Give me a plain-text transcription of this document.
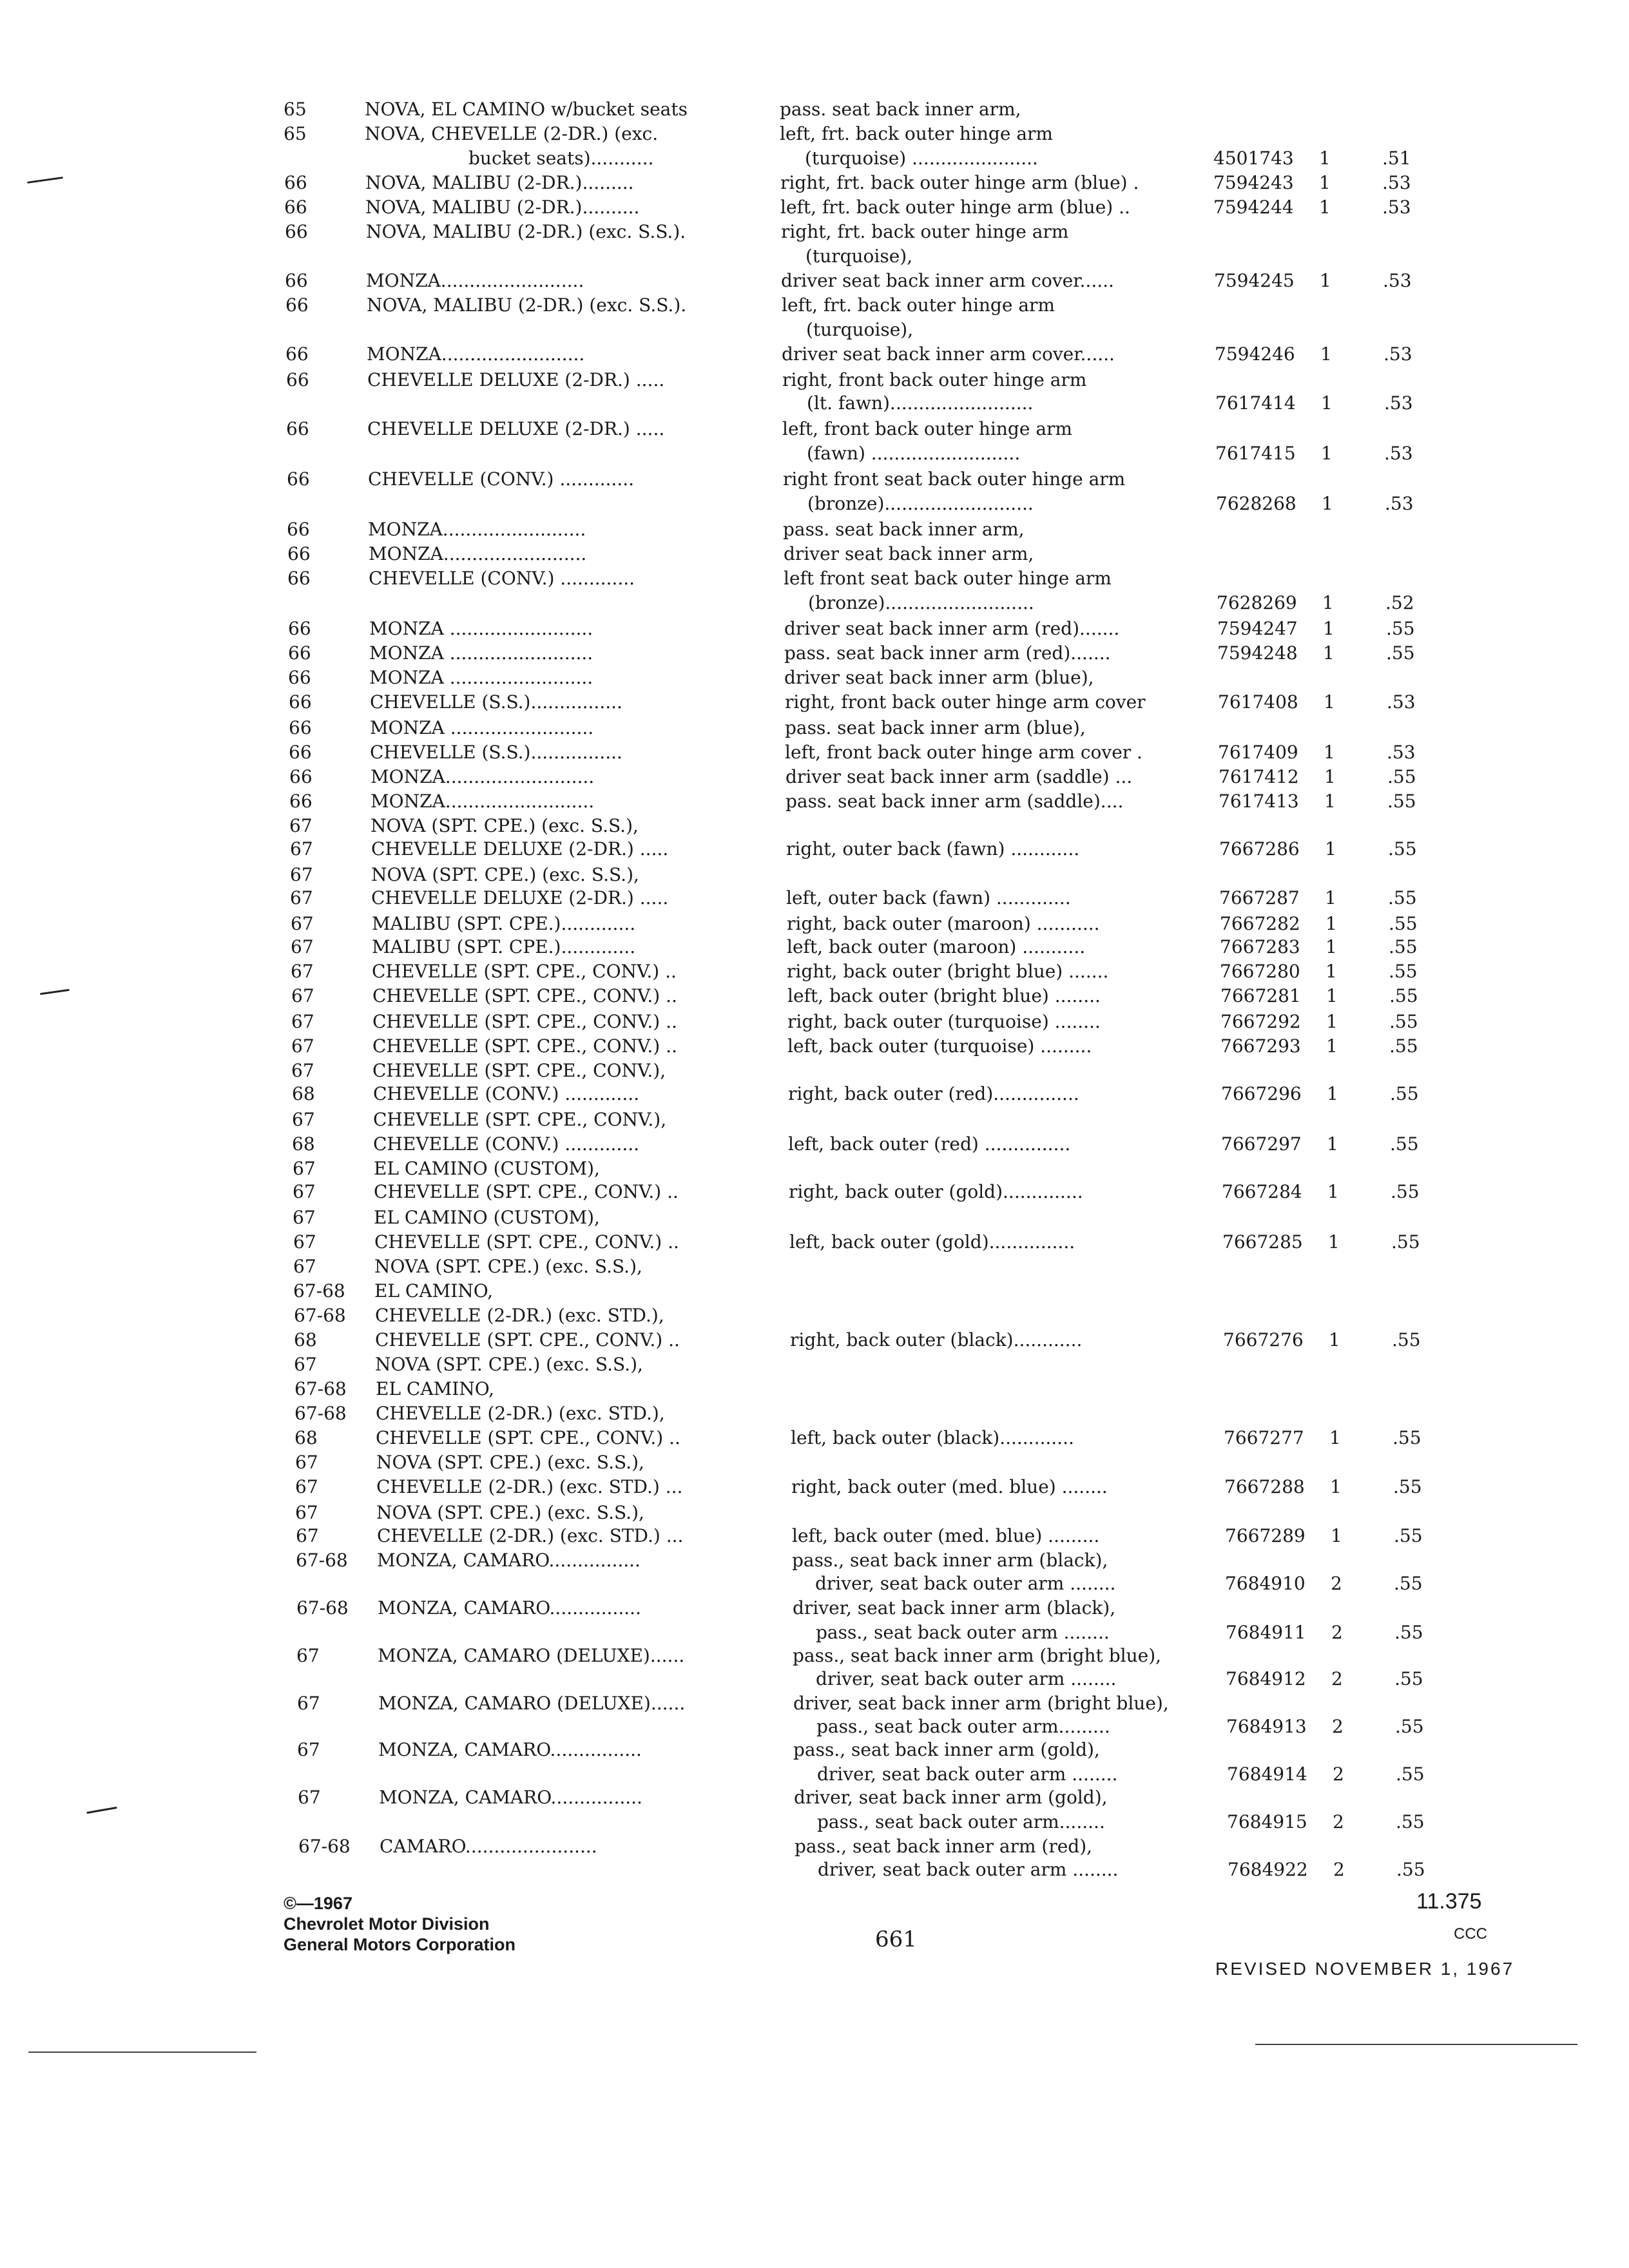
65	NOVA, EL CAMINO w/bucket seats	pass. seat back inner arm,
65	NOVA, CHEVELLE (2-DR.) (exc.	left, frt. back outer hinge arm
bucket seats)...........	(turquoise) ......................	4501743	1	.51
66	NOVA, MALIBU (2-DR.).........	right, frt. back outer hinge arm (blue) .	7594243	1	.53
66	NOVA, MALIBU (2-DR.)..........	left, frt. back outer hinge arm (blue) ..	7594244	1	.53
66	NOVA, MALIBU (2-DR.) (exc. S.S.).	right, frt. back outer hinge arm
(turquoise),
66	MONZA.........................	driver seat back inner arm cover......	7594245	1	.53
66	NOVA, MALIBU (2-DR.) (exc. S.S.).	left, frt. back outer hinge arm
(turquoise),
66	MONZA.........................	driver seat back inner arm cover......	7594246	1	.53
66	CHEVELLE DELUXE (2-DR.) .....	right, front back outer hinge arm
(lt. fawn).........................	7617414	1	.53
66	CHEVELLE DELUXE (2-DR.) .....	left, front back outer hinge arm
(fawn) ..........................	7617415	1	.53
66	CHEVELLE (CONV.) .............	right front seat back outer hinge arm
(bronze)..........................	7628268	1	.53
66	MONZA.........................	pass. seat back inner arm,
66	MONZA.........................	driver seat back inner arm,
66	CHEVELLE (CONV.) .............	left front seat back outer hinge arm
(bronze)..........................	7628269	1	.52
66	MONZA .........................	driver seat back inner arm (red).......	7594247	1	.55
66	MONZA .........................	pass. seat back inner arm (red).......	7594248	1	.55
66	MONZA .........................	driver seat back inner arm (blue),
66	CHEVELLE (S.S.)................	right, front back outer hinge arm cover	7617408	1	.53
66	MONZA .........................	pass. seat back inner arm (blue),
66	CHEVELLE (S.S.)................	left, front back outer hinge arm cover .	7617409	1	.53
66	MONZA..........................	driver seat back inner arm (saddle) ...	7617412	1	.55
66	MONZA..........................	pass. seat back inner arm (saddle)....	7617413	1	.55
67	NOVA (SPT. CPE.) (exc. S.S.),
67	CHEVELLE DELUXE (2-DR.) .....	right, outer back (fawn) ............	7667286	1	.55
67	NOVA (SPT. CPE.) (exc. S.S.),
67	CHEVELLE DELUXE (2-DR.) .....	left, outer back (fawn) .............	7667287	1	.55
67	MALIBU (SPT. CPE.).............	right, back outer (maroon) ...........	7667282	1	.55
67	MALIBU (SPT. CPE.).............	left, back outer (maroon) ...........	7667283	1	.55
67	CHEVELLE (SPT. CPE., CONV.) ..	right, back outer (bright blue) .......	7667280	1	.55
67	CHEVELLE (SPT. CPE., CONV.) ..	left, back outer (bright blue) ........	7667281	1	.55
67	CHEVELLE (SPT. CPE., CONV.) ..	right, back outer (turquoise) ........	7667292	1	.55
67	CHEVELLE (SPT. CPE., CONV.) ..	left, back outer (turquoise) .........	7667293	1	.55
67	CHEVELLE (SPT. CPE., CONV.),
68	CHEVELLE (CONV.) .............	right, back outer (red)...............	7667296	1	.55
67	CHEVELLE (SPT. CPE., CONV.),
68	CHEVELLE (CONV.) .............	left, back outer (red) ...............	7667297	1	.55
67	EL CAMINO (CUSTOM),
67	CHEVELLE (SPT. CPE., CONV.) ..	right, back outer (gold)..............	7667284	1	.55
67	EL CAMINO (CUSTOM),
67	CHEVELLE (SPT. CPE., CONV.) ..	left, back outer (gold)...............	7667285	1	.55
67	NOVA (SPT. CPE.) (exc. S.S.),
67-68	EL CAMINO,
67-68	CHEVELLE (2-DR.) (exc. STD.),
68	CHEVELLE (SPT. CPE., CONV.) ..	right, back outer (black)............	7667276	1	.55
67	NOVA (SPT. CPE.) (exc. S.S.),
67-68	EL CAMINO,
67-68	CHEVELLE (2-DR.) (exc. STD.),
68	CHEVELLE (SPT. CPE., CONV.) ..	left, back outer (black).............	7667277	1	.55
67	NOVA (SPT. CPE.) (exc. S.S.),
67	CHEVELLE (2-DR.) (exc. STD.) ...	right, back outer (med. blue) ........	7667288	1	.55
67	NOVA (SPT. CPE.) (exc. S.S.),
67	CHEVELLE (2-DR.) (exc. STD.) ...	left, back outer (med. blue) .........	7667289	1	.55
67-68	MONZA, CAMARO................	pass., seat back inner arm (black),
driver, seat back outer arm ........	7684910	2	.55
67-68	MONZA, CAMARO................	driver, seat back inner arm (black),
pass., seat back outer arm ........	7684911	2	.55
67	MONZA, CAMARO (DELUXE)......	pass., seat back inner arm (bright blue),
driver, seat back outer arm ........	7684912	2	.55
67	MONZA, CAMARO (DELUXE)......	driver, seat back inner arm (bright blue),
pass., seat back outer arm.........	7684913	2	.55
67	MONZA, CAMARO................	pass., seat back inner arm (gold),
driver, seat back outer arm ........	7684914	2	.55
67	MONZA, CAMARO................	driver, seat back inner arm (gold),
pass., seat back outer arm........	7684915	2	.55
67-68	CAMARO.......................	pass., seat back inner arm (red),
driver, seat back outer arm ........	7684922	2	.55
©—1967
Chevrolet Motor Division
General Motors Corporation	661
11.375
CCC
REVISED NOVEMBER 1, 1967
